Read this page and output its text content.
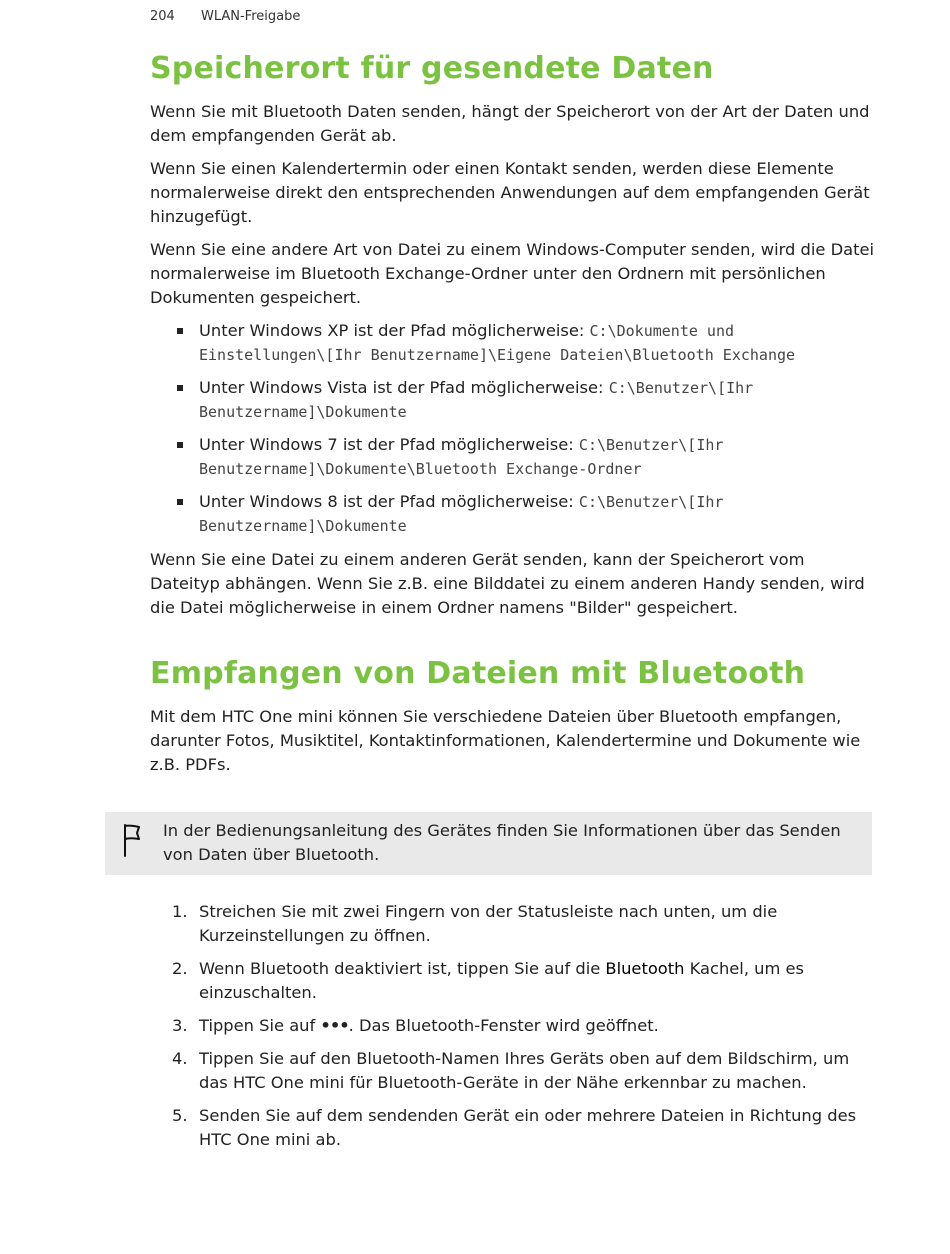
204 WLAN-Freigabe
Speicherort für gesendete Daten

Wenn Sie mit Bluetooth Daten senden, hängt der Speicherort von der Art der Daten und dem empfangenden Gerät ab.

Wenn Sie einen Kalendertermin oder einen Kontakt senden, werden diese Elemente normalerweise direkt den entsprechenden Anwendungen auf dem empfangenden Gerät hinzugefügt.

Wenn Sie eine andere Art von Datei zu einem Windows-Computer senden, wird die Datei normalerweise im Bluetooth Exchange-Ordner unter den Ordnern mit persönlichen Dokumenten gespeichert.

Unter Windows XP ist der Pfad möglicherweise: C:\Dokumente und
Einstellungen\[Ihr Benutzername]\Eigene Dateien\Bluetooth Exchange
Unter Windows Vista ist der Pfad möglicherweise: C:\Benutzer\[Ihr
Benutzername]\Dokumente
Unter Windows 7 ist der Pfad möglicherweise: C:\Benutzer\[Ihr
Benutzername]\Dokumente\Bluetooth Exchange-Ordner
Unter Windows 8 ist der Pfad möglicherweise: C:\Benutzer\[Ihr
Benutzername]\Dokumente

Wenn Sie eine Datei zu einem anderen Gerät senden, kann der Speicherort vom Dateityp abhängen. Wenn Sie z.B. eine Bilddatei zu einem anderen Handy senden, wird die Datei möglicherweise in einem Ordner namens "Bilder" gespeichert.

Empfangen von Dateien mit Bluetooth

Mit dem HTC One mini können Sie verschiedene Dateien über Bluetooth empfangen, darunter Fotos, Musiktitel, Kontaktinformationen, Kalendertermine und Dokumente wie z.B. PDFs.

In der Bedienungsanleitung des Gerätes finden Sie Informationen über das Senden von Daten über Bluetooth.
1. Streichen Sie mit zwei Fingern von der Statusleiste nach unten, um die Kurzeinstellungen zu öffnen.
2. Wenn Bluetooth deaktiviert ist, tippen Sie auf die Bluetooth Kachel, um es einzuschalten.
3. Tippen Sie auf •••. Das Bluetooth-Fenster wird geöffnet.
4. Tippen Sie auf den Bluetooth-Namen Ihres Geräts oben auf dem Bildschirm, um das HTC One mini für Bluetooth-Geräte in der Nähe erkennbar zu machen.
5. Senden Sie auf dem sendenden Gerät ein oder mehrere Dateien in Richtung des HTC One mini ab.
